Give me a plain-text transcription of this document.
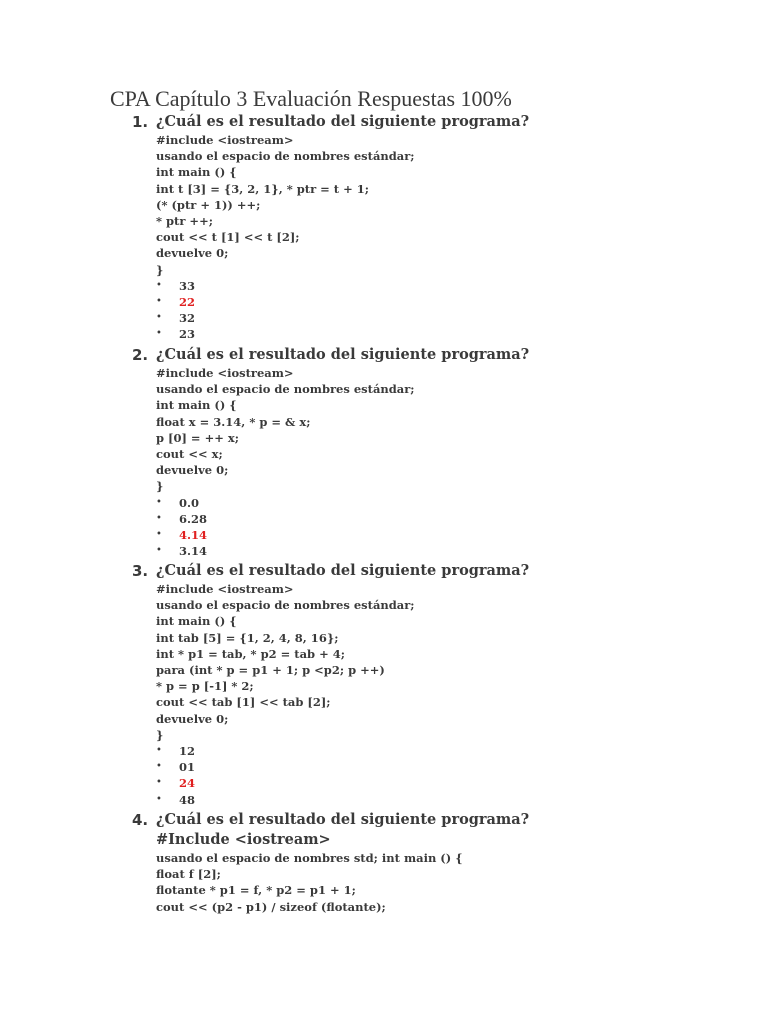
CPA Capítulo 3 Evaluación Respuestas 100%
1. ¿Cuál es el resultado del siguiente programa?
#include <iostream>
usando el espacio de nombres estándar;
int main () {
int t [3] = {3, 2, 1}, * ptr = t + 1;
(* (ptr + 1)) ++;
* ptr ++;
cout << t [1] << t [2];
devuelve 0;
}
• 33
• 22
• 32
• 23
2. ¿Cuál es el resultado del siguiente programa?
#include <iostream>
usando el espacio de nombres estándar;
int main () {
float x = 3.14, * p = & x;
p [0] = ++ x;
cout << x;
devuelve 0;
}
• 0.0
• 6.28
• 4.14
• 3.14
3. ¿Cuál es el resultado del siguiente programa?
#include <iostream>
usando el espacio de nombres estándar;
int main () {
int tab [5] = {1, 2, 4, 8, 16};
int * p1 = tab, * p2 = tab + 4;
para (int * p = p1 + 1; p <p2; p ++)
* p = p [-1] * 2;
cout << tab [1] << tab [2];
devuelve 0;
}
• 12
• 01
• 24
• 48
4. ¿Cuál es el resultado del siguiente programa? #Include <iostream>
usando el espacio de nombres std; int main () {
float f [2];
flotante * p1 = f, * p2 = p1 + 1;
cout << (p2 - p1) / sizeof (flotante);
